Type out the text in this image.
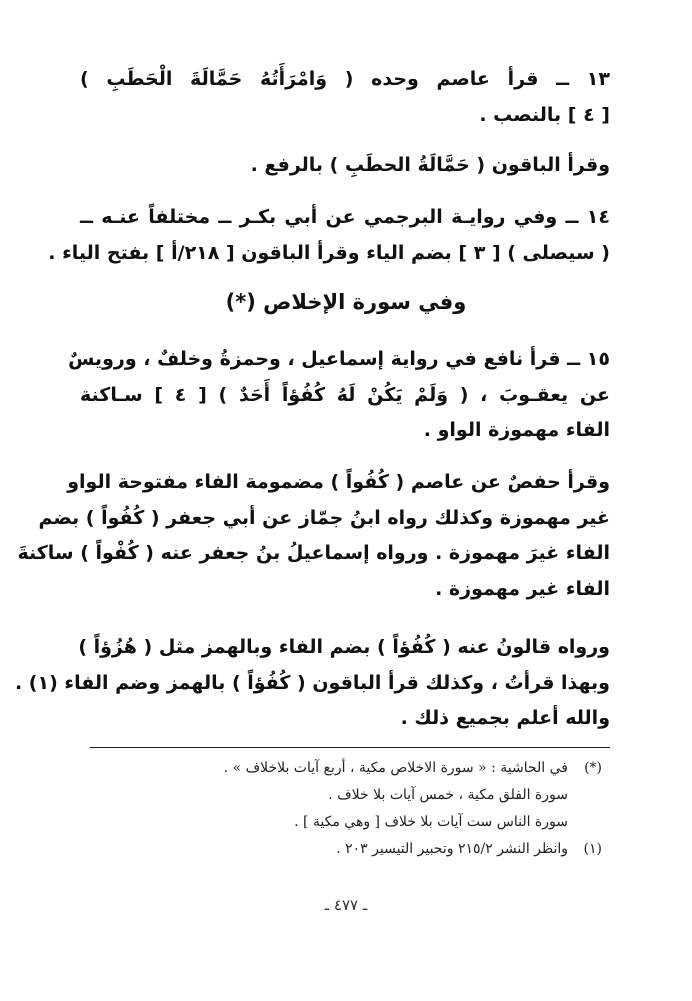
١٣ ــ قرأ عاصم وحده ( وَامْرَأَتُهُ حَمَّالَةَ الْحَطَبِ )
[ ٤ ] بالنصب .
وقرأ الباقون ( حَمَّالَةُ الحطَبِ ) بالرفع .
١٤ ــ وفي روايـة البرجمي عن أبي بكـر ــ مختلفاً عنـه ــ
( سيصلى ) [ ٣ ] بضم الياء وقرأ الباقون [ ٢١٨/أ ] بفتح الياء .
وفي سورة الإخلاص (*)
١٥ ــ قرأ نافع في رواية إسماعيل ، وحمزةُ وخلفٌ ، ورويسٌ
عن يعقـوبَ ، ( وَلَمْ يَكُنْ لَهُ كُفُؤاً أَحَدٌ ) [ ٤ ] سـاكنة
الفاء مهموزة الواو .
وقرأ حفصٌ عن عاصم ( كُفُواً ) مضمومة الفاء مفتوحة الواو
غير مهموزة وكذلك رواه ابنُ جمّاز عن أبي جعفر ( كُفُواً ) بضم
الفاء غيرَ مهموزة . ورواه إسماعيلُ بنُ جعفر عنه ( كُفْواً ) ساكنةَ
الفاء غير مهموزة .
ورواه قالونُ عنه ( كُفُؤاً ) بضم الفاء وبالهمز مثل ( هُزُؤاً )
وبهذا قرأتُ ، وكذلك قرأ الباقون ( كُفُؤاً ) بالهمز وضم الفاء (١) .
والله أعلم بجميع ذلك .
(*)
في الحاشية : « سورة الاخلاص مكية ، أربع آيات بلاخلاف » .
سورة الفلق مكية ، خمس آيات بلا خلاف .
سورة الناس ست آيات بلا خلاف [ وهي مكية ] .
(١)
وانظر النشر ٢١٥/٢ وتحبير التيسير ٢٠٣ .
ـ ٤٧٧ ـ
